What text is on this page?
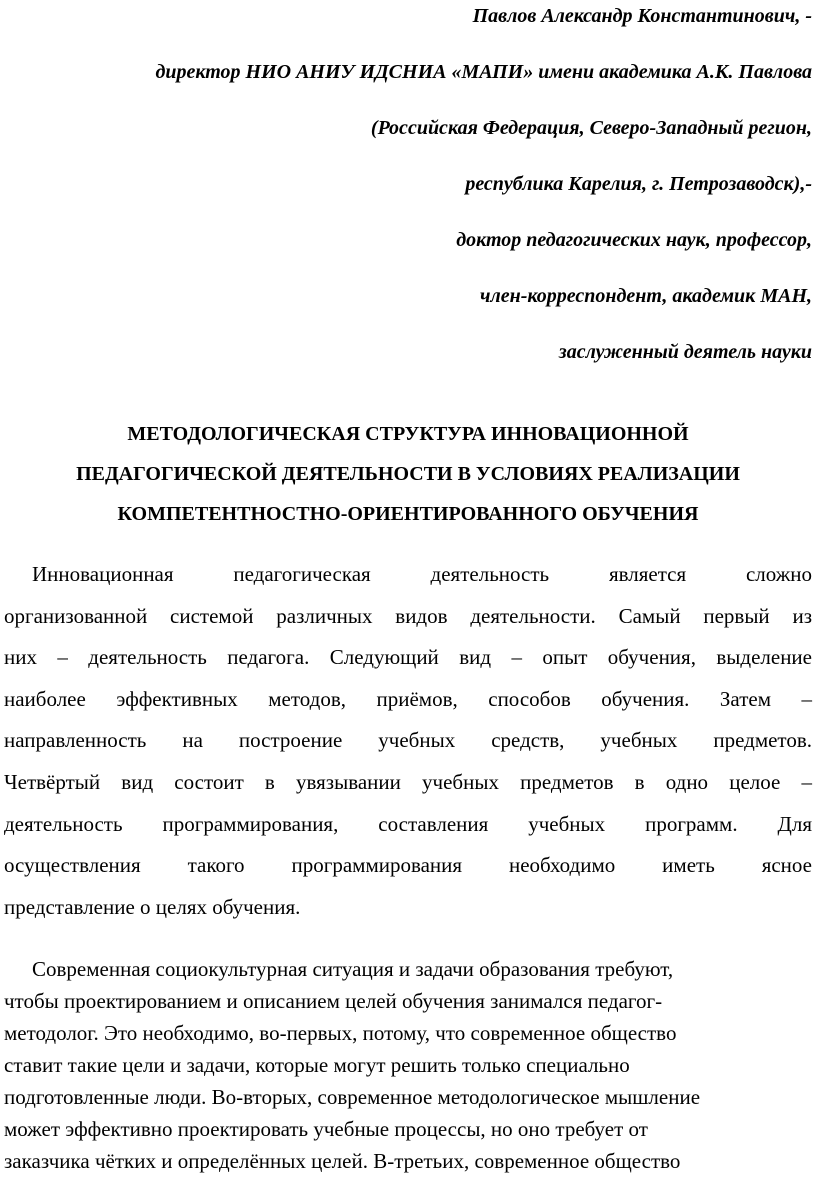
Павлов Александр Константинович, -
директор НИО АНИУ ИДСНИА «МАПИ» имени академика А.К. Павлова
(Российская Федерация, Северо-Западный регион,
республика Карелия, г. Петрозаводск),-
доктор педагогических наук, профессор,
член-корреспондент, академик МАН,
заслуженный деятель науки
МЕТОДОЛОГИЧЕСКАЯ СТРУКТУРА ИННОВАЦИОННОЙ
ПЕДАГОГИЧЕСКОЙ ДЕЯТЕЛЬНОСТИ В УСЛОВИЯХ РЕАЛИЗАЦИИ
КОМПЕТЕНТНОСТНО-ОРИЕНТИРОВАННОГО ОБУЧЕНИЯ
Инновационная педагогическая деятельность является сложно
организованной системой различных видов деятельности. Самый первый из
них – деятельность педагога. Следующий вид – опыт обучения, выделение
наиболее эффективных методов, приёмов, способов обучения. Затем –
направленность на построение учебных средств, учебных предметов.
Четвёртый вид состоит в увязывании учебных предметов в одно целое –
деятельность программирования, составления учебных программ. Для
осуществления такого программирования необходимо иметь ясное
представление о целях обучения.
Современная социокультурная ситуация и задачи образования требуют,
чтобы проектированием и описанием целей обучения занимался педагог-
методолог. Это необходимо, во-первых, потому, что современное общество
ставит такие цели и задачи, которые могут решить только специально
подготовленные люди. Во-вторых, современное методологическое мышление
может эффективно проектировать учебные процессы, но оно требует от
заказчика чётких и определённых целей. В-третьих, современное общество
